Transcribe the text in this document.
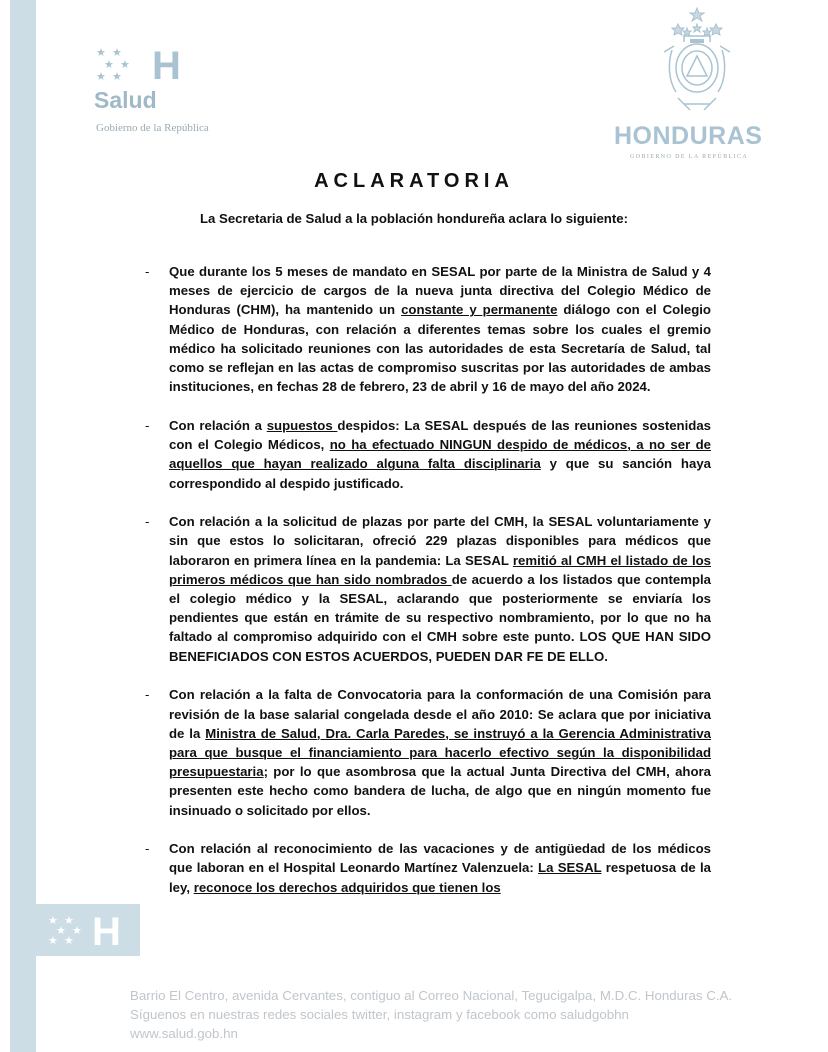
★ ★
★ ★
★ ★ H
★ ★
★ ★
★ ★ H
Salud
Gobierno de la República	HONDURAS
GOBIERNO DE LA REPÚBLICA
ACLARATORIA
La Secretaria de Salud a la población hondureña aclara lo siguiente:
- Que durante los 5 meses de mandato en SESAL por parte de la Ministra de Salud y 4 meses de ejercicio de cargos de la nueva junta directiva del Colegio Médico de Honduras (CHM), ha mantenido un constante y permanente diálogo con el Colegio Médico de Honduras, con relación a diferentes temas sobre los cuales el gremio médico ha solicitado reuniones con las autoridades de esta Secretaría de Salud, tal como se reflejan en las actas de compromiso suscritas por las autoridades de ambas instituciones, en fechas 28 de febrero, 23 de abril y 16 de mayo del año 2024.
- Con relación a supuestos despidos: La SESAL después de las reuniones sostenidas con el Colegio Médicos, no ha efectuado NINGUN despido de médicos, a no ser de aquellos que hayan realizado alguna falta disciplinaria y que su sanción haya correspondido al despido justificado.
- Con relación a la solicitud de plazas por parte del CMH, la SESAL voluntariamente y sin que estos lo solicitaran, ofreció 229 plazas disponibles para médicos que laboraron en primera línea en la pandemia: La SESAL remitió al CMH el listado de los primeros médicos que han sido nombrados de acuerdo a los listados que contempla el colegio médico y la SESAL, aclarando que posteriormente se enviaría los pendientes que están en trámite de su respectivo nombramiento, por lo que no ha faltado al compromiso adquirido con el CMH sobre este punto. LOS QUE HAN SIDO BENEFICIADOS CON ESTOS ACUERDOS, PUEDEN DAR FE DE ELLO.
- Con relación a la falta de Convocatoria para la conformación de una Comisión para revisión de la base salarial congelada desde el año 2010: Se aclara que por iniciativa de la Ministra de Salud, Dra. Carla Paredes, se instruyó a la Gerencia Administrativa para que busque el financiamiento para hacerlo efectivo según la disponibilidad presupuestaria; por lo que asombrosa que la actual Junta Directiva del CMH, ahora presenten este hecho como bandera de lucha, de algo que en ningún momento fue insinuado o solicitado por ellos.
- Con relación al reconocimiento de las vacaciones y de antigüedad de los médicos que laboran en el Hospital Leonardo Martínez Valenzuela: La SESAL respetuosa de la ley, reconoce los derechos adquiridos que tienen los
Barrio El Centro, avenida Cervantes, contiguo al Correo Nacional, Tegucigalpa, M.D.C. Honduras C.A.
Síguenos en nuestras redes sociales twitter, instagram y facebook como saludgobhn
www.salud.gob.hn
